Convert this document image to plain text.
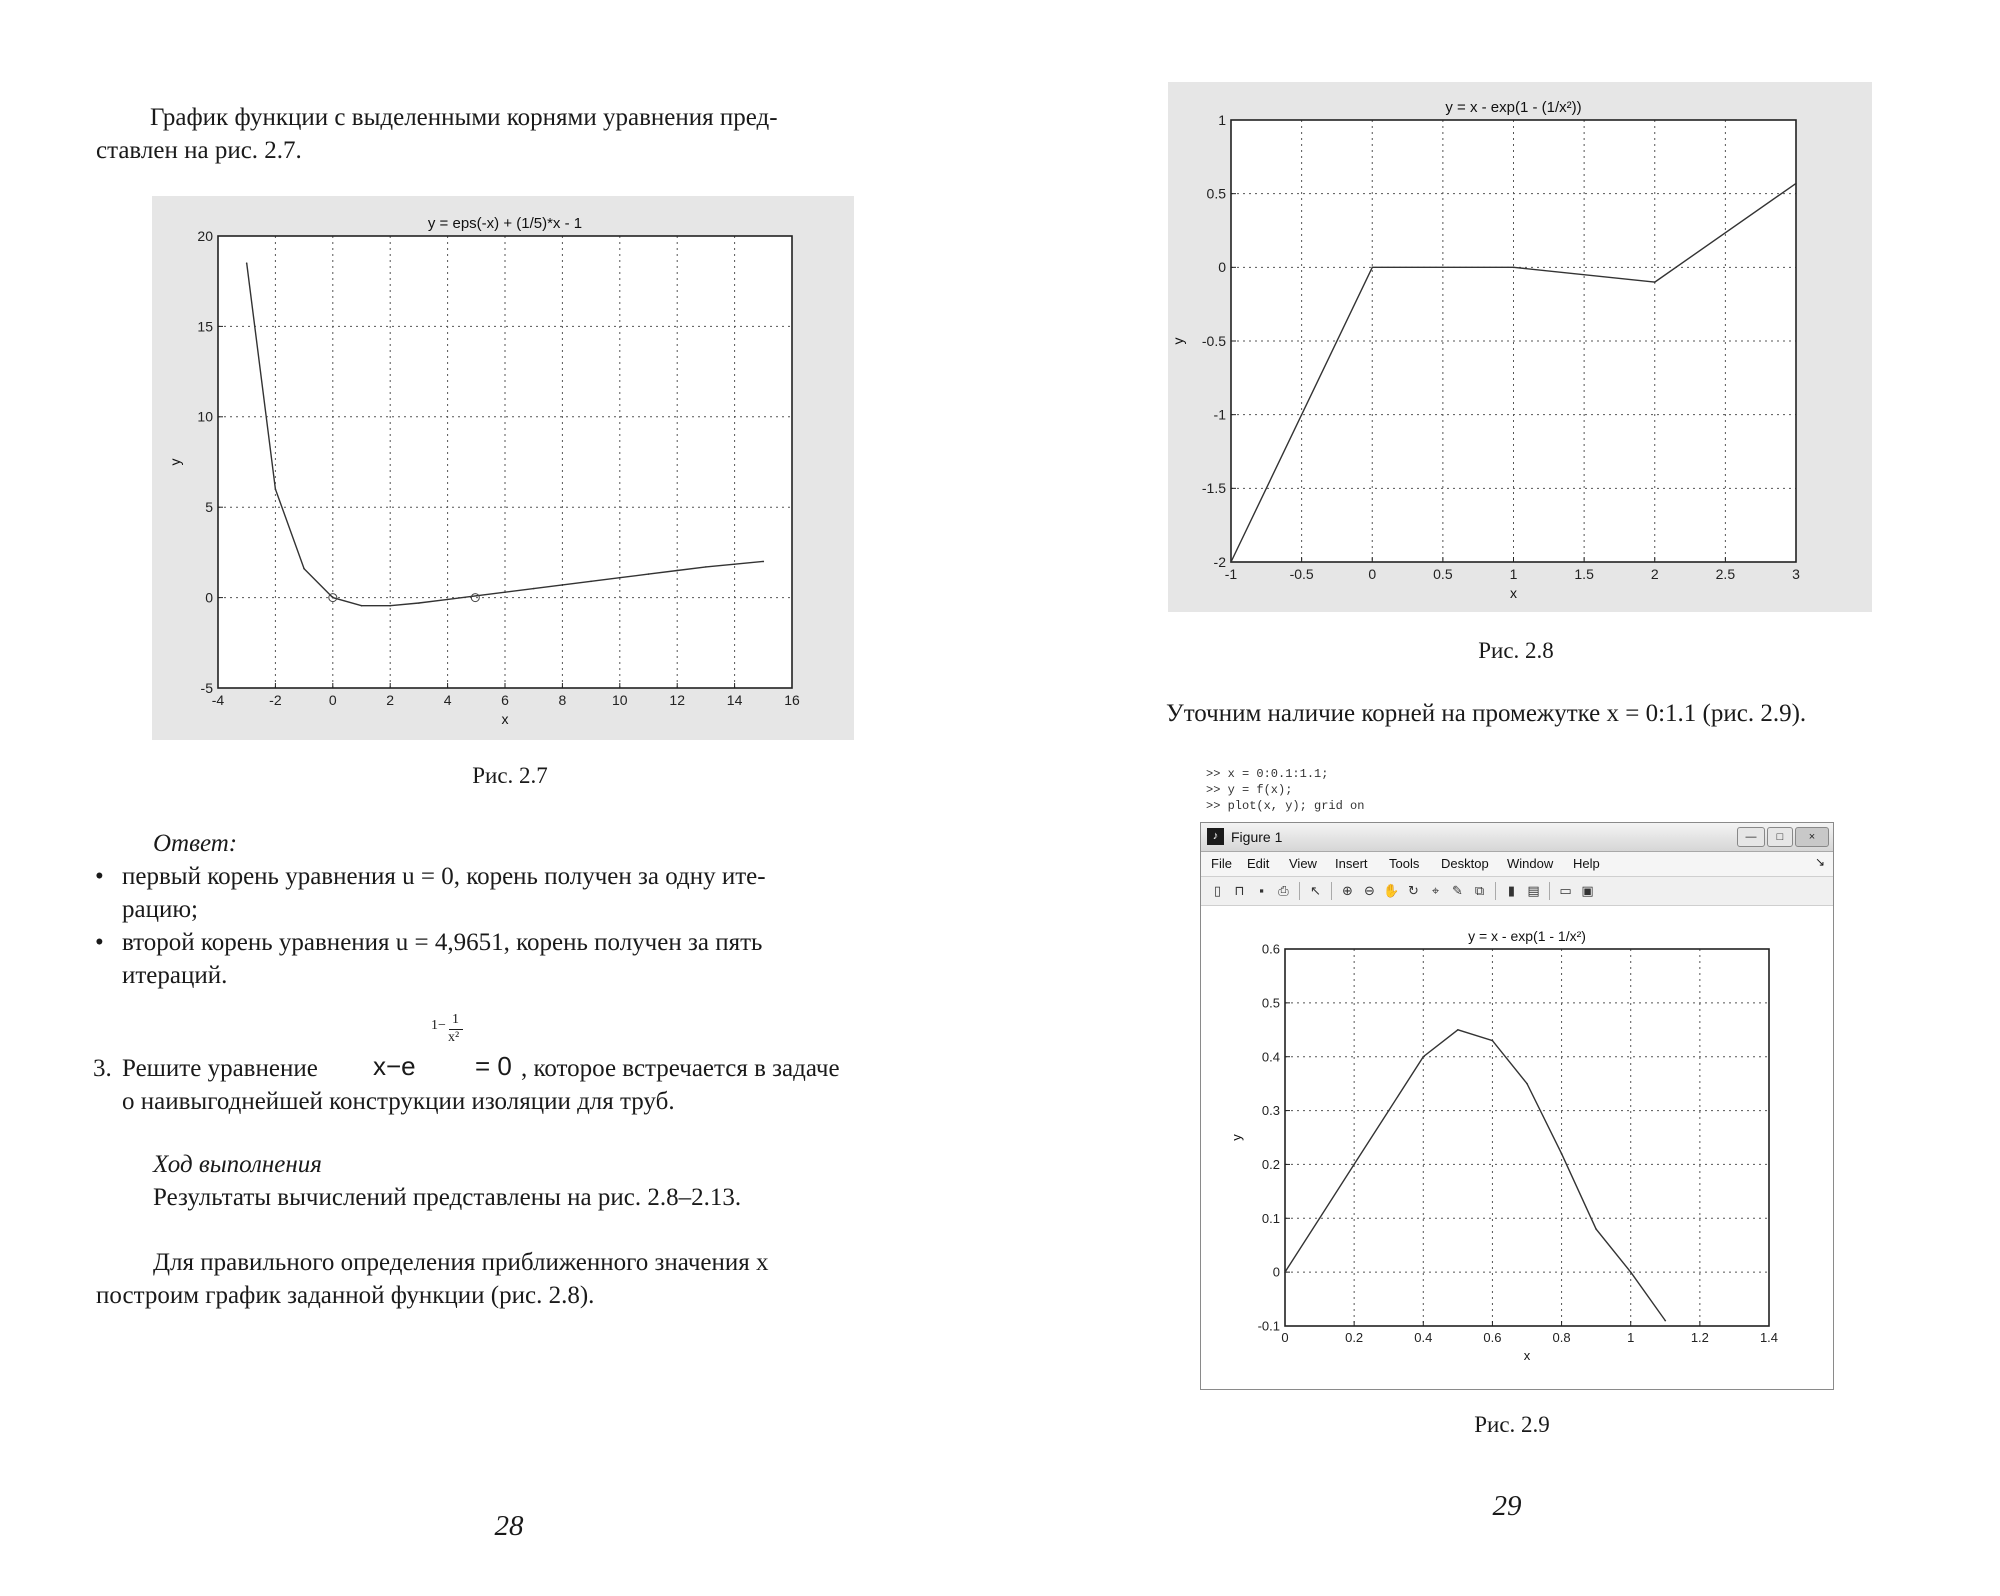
График функции с выделенными корнями уравнения пред-

ставлен на рис. 2.7.

-4	-2	0	2	4	6	8	10	12	14	16
-5
0
5
10
15
20
y = eps(-x) + (1/5)*x - 1
x
y

Рис. 2.7

Ответ:

• первый корень уравнения u = 0, корень получен за одну ите-

рацию;

• второй корень уравнения u = 4,9651, корень получен за пять

итераций.

3. Решите уравнение x−e
1− 1
x²
= 0 , которое встречается в задаче

о наивыгоднейшей конструкции изоляции для труб.

Ход выполнения

Результаты вычислений представлены на рис. 2.8–2.13.

Для правильного определения приближенного значения x

построим график заданной функции (рис. 2.8).

28
-1	-0.5	0	0.5	1	1.5	2	2.5	3
-2
-1.5
-1
-0.5
0
0.5
1
y = x - exp(1 - (1/x²))
x
y

Рис. 2.8

Уточним наличие корней на промежутке x = 0:1.1 (рис. 2.9).

>> x = 0:0.1:1.1;
>> y = f(x);
>> plot(x, y); grid on
♪ Figure 1	—	□	×
File Edit View Insert Tools Desktop Window Help	↘
▯	⊓	▪	⎙ ↖ ⊕ ⊖ ✋ ↻ ⌖ ✎ ⧉	▮ ▤ ▭ ▣
0	0.2	0.4	0.6	0.8	1	1.2	1.4
-0.1
0
0.1
0.2
0.3
0.4
0.5
0.6
y = x - exp(1 - 1/x²)
x
y

Рис. 2.9

29
